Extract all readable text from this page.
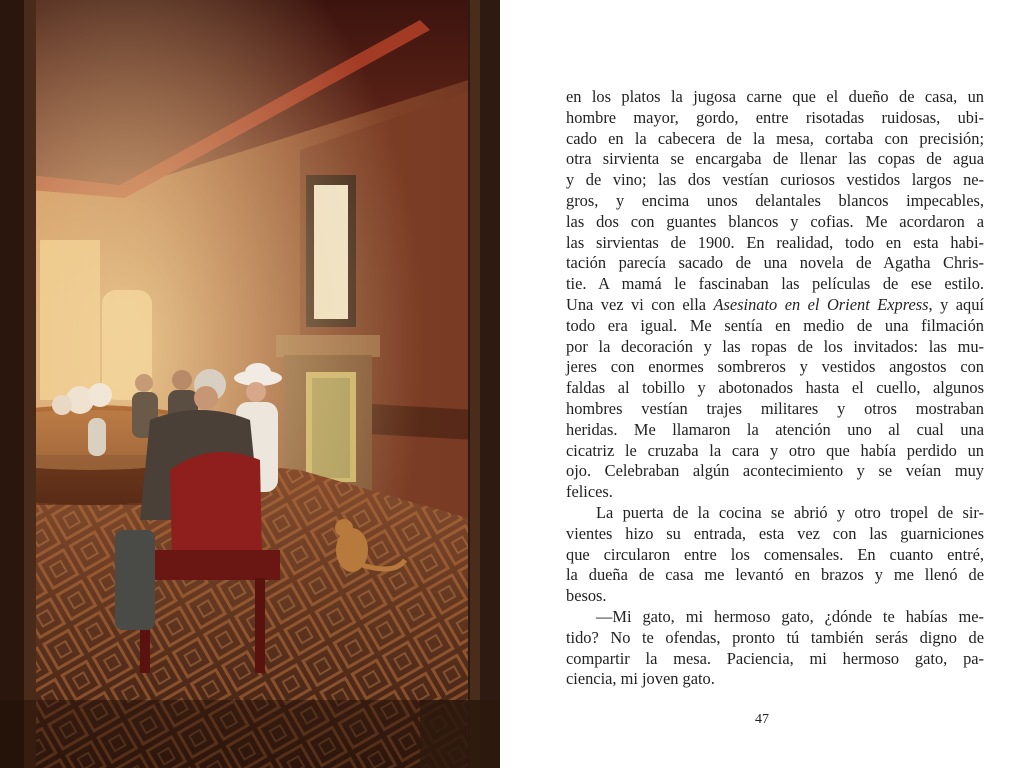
en los platos la jugosa carne que el dueño de casa, un
hombre mayor, gordo, entre risotadas ruidosas, ubi-
cado en la cabecera de la mesa, cortaba con precisión;
otra sirvienta se encargaba de llenar las copas de agua
y de vino; las dos vestían curiosos vestidos largos ne-
gros, y encima unos delantales blancos impecables,
las dos con guantes blancos y cofias. Me acordaron a
las sirvientas de 1900. En realidad, todo en esta habi-
tación parecía sacado de una novela de Agatha Chris-
tie. A mamá le fascinaban las películas de ese estilo.
Una vez vi con ella Asesinato en el Orient Express, y aquí
todo era igual. Me sentía en medio de una filmación
por la decoración y las ropas de los invitados: las mu-
jeres con enormes sombreros y vestidos angostos con
faldas al tobillo y abotonados hasta el cuello, algunos
hombres vestían trajes militares y otros mostraban
heridas. Me llamaron la atención uno al cual una
cicatriz le cruzaba la cara y otro que había perdido un
ojo. Celebraban algún acontecimiento y se veían muy
felices.
La puerta de la cocina se abrió y otro tropel de sir-
vientes hizo su entrada, esta vez con las guarniciones
que circularon entre los comensales. En cuanto entré,
la dueña de casa me levantó en brazos y me llenó de
besos.
—Mi gato, mi hermoso gato, ¿dónde te habías me-
tido? No te ofendas, pronto tú también serás digno de
compartir la mesa. Paciencia, mi hermoso gato, pa-
ciencia, mi joven gato.
47
